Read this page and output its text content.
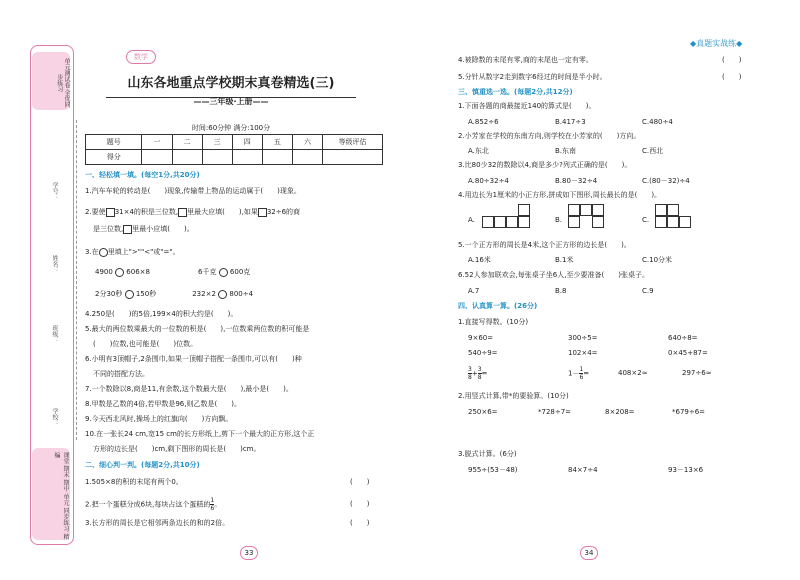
单元测试卷 全优同步练习
课堂 期末 期中 单元 同步练习 精编
学号：
姓名：
班级：
学校：
数学
山东各地重点学校期末真卷精选(三)
——三年级·上册——
时间:60分钟 满分:100分
题号	一	二	三	四	五	六	等级评估
得分							
一、轻松填一填。(每空1分,共20分)
1.汽车车轮的转动是(　　)现象,传输带上物品的运动属于(　　)现象。
2.要使 31×4的积是三位数, 里最大应填(　　),如果 32÷6的商
是三位数, 里最小应填(　　)。
3.在 里填上">""<"或"="。
4900 606×8	6千克 600克
2分30秒 150秒	232×2 800÷4
4.250是(　　)的5倍,199×4的积大约是(　　)。
5.最大的两位数乘最大的一位数的积是(　　),一位数乘两位数的积可能是
(　　)位数,也可能是(　　)位数。
6.小明有3顶帽子,2条围巾,如果一顶帽子搭配一条围巾,可以有(　　)种
不同的搭配方法。
7.一个数除以8,商是11,有余数,这个数最大是(　　),最小是(　　)。
8.甲数是乙数的4倍,若甲数是96,则乙数是(　　)。
9.今天西北风时,操场上的红旗向(　　)方向飘。
10.在一张长24 cm,宽15 cm的长方形纸上,剪下一个最大的正方形,这个正
方形的边长是(　　)cm,剩下图形的周长是(　　)cm。
二、细心判一判。(每题2分,共10分)
1.505×8的积的末尾有两个0。	(　　)
2.把一个蛋糕分成6块,每块占这个蛋糕的 $\frac{1}{6}$ 。	(　　)
3.长方形的周长是它相邻两条边长的和的2倍。	(　　)
33
◆真题实战练◆
4.被除数的末尾有零,商的末尾也一定有零。	(　　)
5.分针从数字2走到数字6经过的时间是半小时。	(　　)
三、慎重选一选。(每题2分,共12分)
1.下面各题的商最接近140的算式是(　　)。
A.852÷6	B.417÷3	C.480÷4
2.小芳家在学校的东南方向,则学校在小芳家的(　　)方向。
A.东北	B.东南	C.西北
3.比80少32的数除以4,商是多少?列式正确的是(　　)。
A.80÷32÷4	B.80－32÷4	C.(80－32)÷4
4.用边长为1厘米的小正方形,拼成如下图形,周长最长的是(　　)。
A.	B.	C.
5.一个正方形的周长是4米,这个正方形的边长是(　　)。
A.16米	B.1米	C.10分米
6.52人参加联欢会,每张桌子坐6人,至少要准备(　　)张桌子。
A.7	B.8	C.9
四、认真算一算。(26分)
1.直接写得数。(10分)
9×60=	300÷5=	640÷8=
540÷9=	102×4=	0×45+87=
$\frac{3}{8} + \frac{3}{8}$ =	$1- \frac{1}{6}$ =	408×2≈	297÷6≈
2.用竖式计算,带*的要验算。(10分)
250×6=	*728÷7=	8×208=	*679÷6=
3.脱式计算。(6分)
955÷(53－48)	84×7÷4	93－13×6
34
